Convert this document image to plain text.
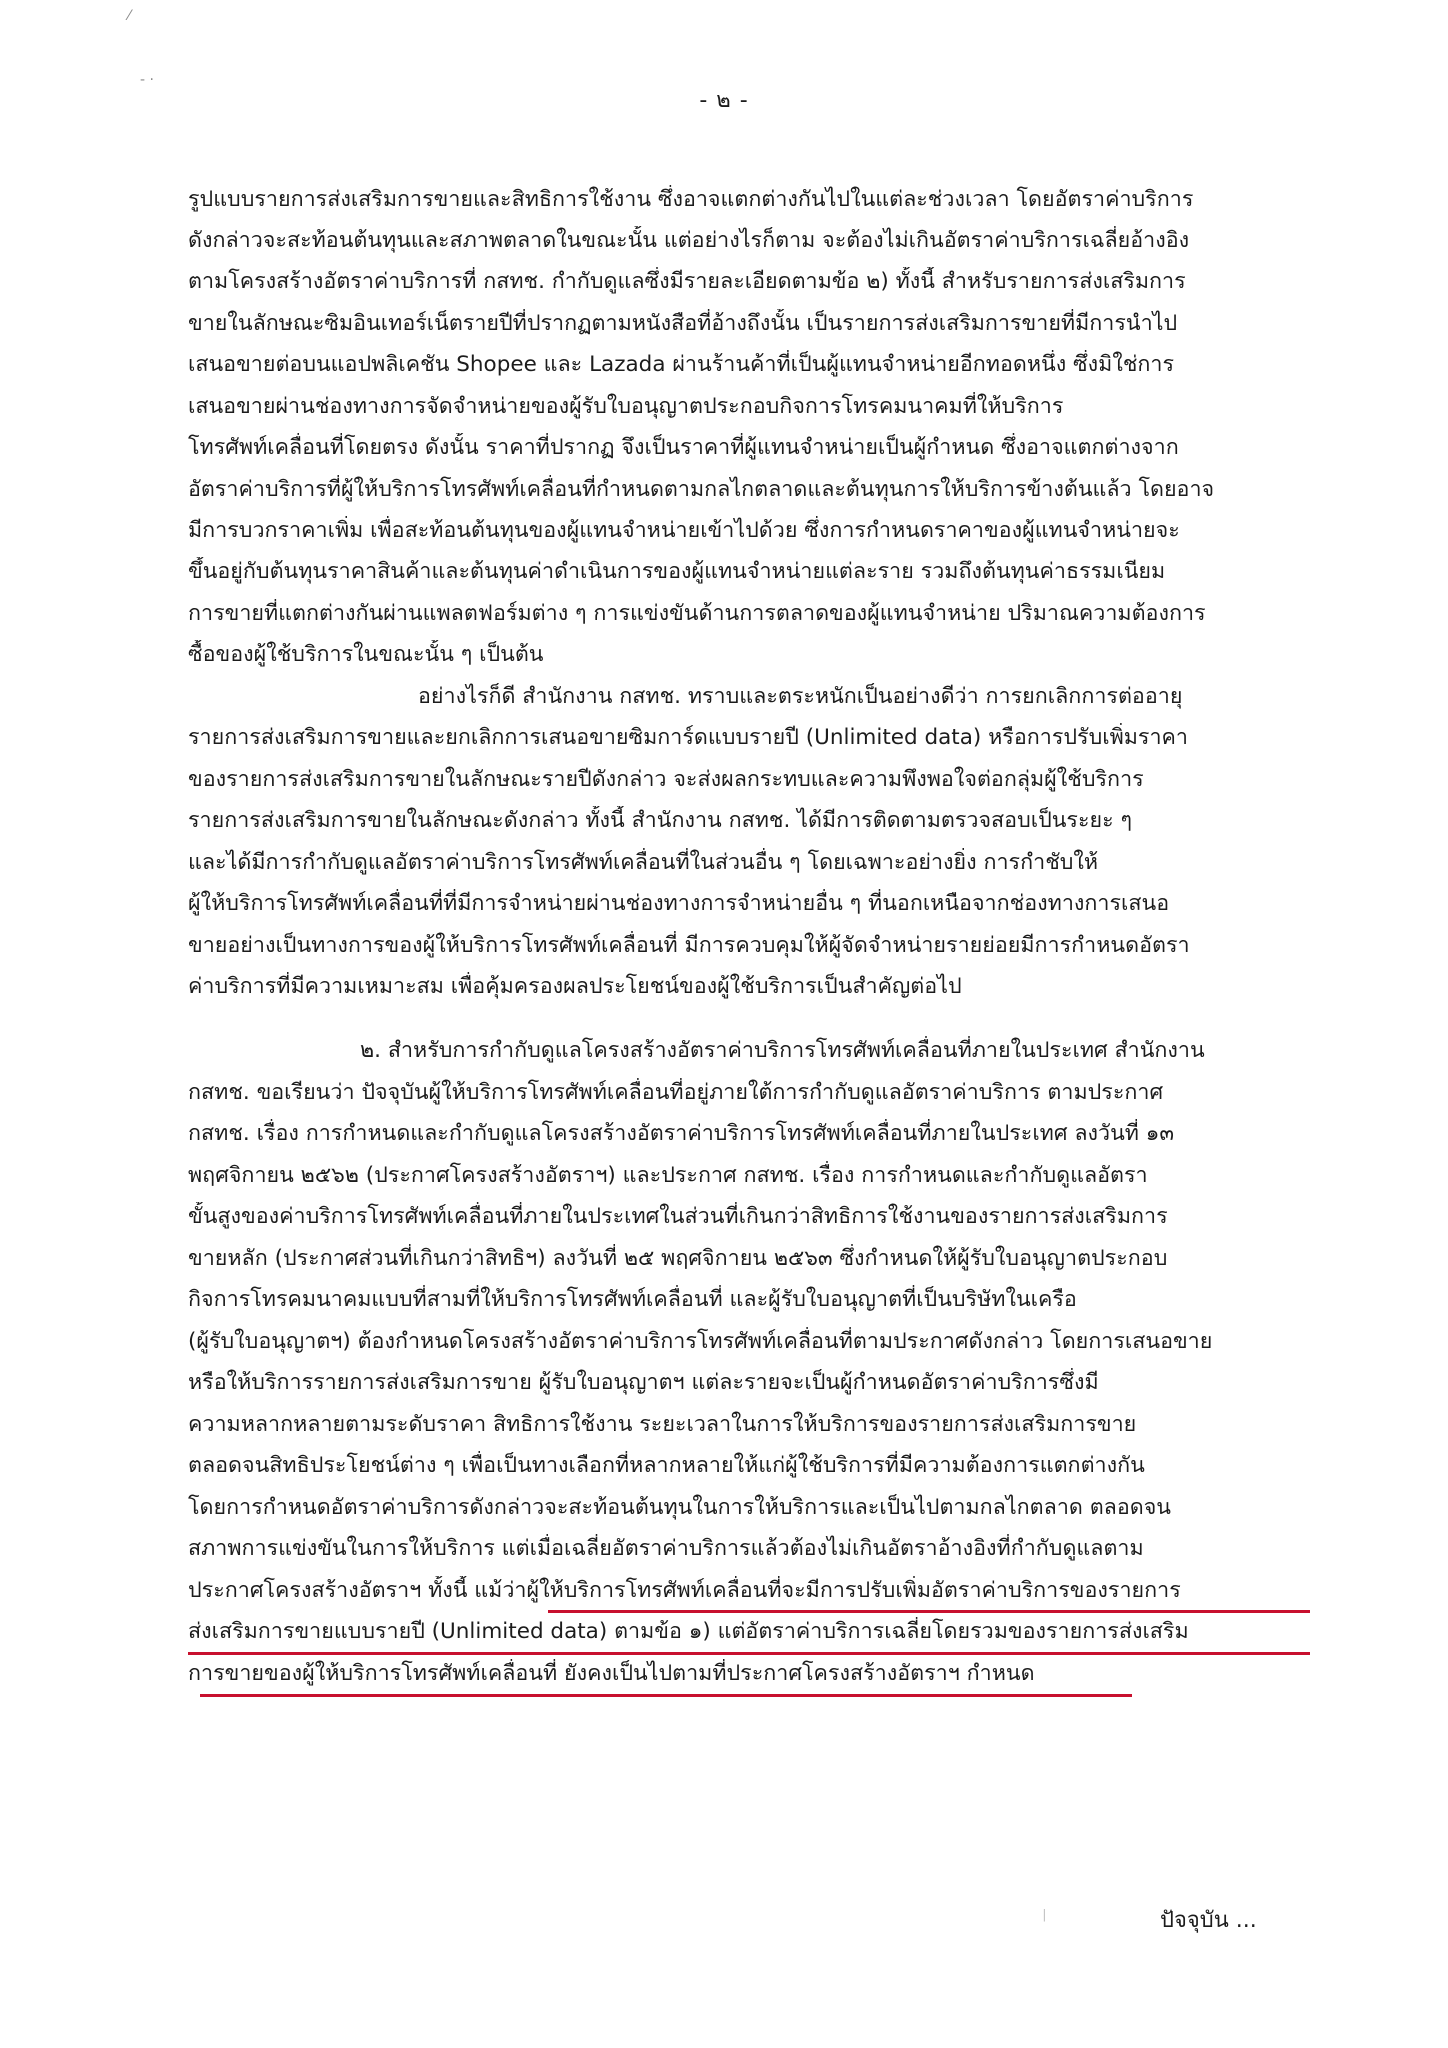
- ๒ -
รูปแบบรายการส่งเสริมการขายและสิทธิการใช้งาน ซึ่งอาจแตกต่างกันไปในแต่ละช่วงเวลา โดยอัตราค่าบริการ
ดังกล่าวจะสะท้อนต้นทุนและสภาพตลาดในขณะนั้น แต่อย่างไรก็ตาม จะต้องไม่เกินอัตราค่าบริการเฉลี่ยอ้างอิง
ตามโครงสร้างอัตราค่าบริการที่ กสทช. กำกับดูแลซึ่งมีรายละเอียดตามข้อ ๒) ทั้งนี้ สำหรับรายการส่งเสริมการ
ขายในลักษณะซิมอินเทอร์เน็ตรายปีที่ปรากฏตามหนังสือที่อ้างถึงนั้น เป็นรายการส่งเสริมการขายที่มีการนำไป
เสนอขายต่อบนแอปพลิเคชัน Shopee และ Lazada ผ่านร้านค้าที่เป็นผู้แทนจำหน่ายอีกทอดหนึ่ง ซึ่งมิใช่การ
เสนอขายผ่านช่องทางการจัดจำหน่ายของผู้รับใบอนุญาตประกอบกิจการโทรคมนาคมที่ให้บริการ
โทรศัพท์เคลื่อนที่โดยตรง ดังนั้น ราคาที่ปรากฏ จึงเป็นราคาที่ผู้แทนจำหน่ายเป็นผู้กำหนด ซึ่งอาจแตกต่างจาก
อัตราค่าบริการที่ผู้ให้บริการโทรศัพท์เคลื่อนที่กำหนดตามกลไกตลาดและต้นทุนการให้บริการข้างต้นแล้ว โดยอาจ
มีการบวกราคาเพิ่ม เพื่อสะท้อนต้นทุนของผู้แทนจำหน่ายเข้าไปด้วย ซึ่งการกำหนดราคาของผู้แทนจำหน่ายจะ
ขึ้นอยู่กับต้นทุนราคาสินค้าและต้นทุนค่าดำเนินการของผู้แทนจำหน่ายแต่ละราย รวมถึงต้นทุนค่าธรรมเนียม
การขายที่แตกต่างกันผ่านแพลตฟอร์มต่าง ๆ การแข่งขันด้านการตลาดของผู้แทนจำหน่าย ปริมาณความต้องการ
ซื้อของผู้ใช้บริการในขณะนั้น ๆ เป็นต้น
อย่างไรก็ดี สำนักงาน กสทช. ทราบและตระหนักเป็นอย่างดีว่า การยกเลิกการต่ออายุ
รายการส่งเสริมการขายและยกเลิกการเสนอขายซิมการ์ดแบบรายปี (Unlimited data) หรือการปรับเพิ่มราคา
ของรายการส่งเสริมการขายในลักษณะรายปีดังกล่าว จะส่งผลกระทบและความพึงพอใจต่อกลุ่มผู้ใช้บริการ
รายการส่งเสริมการขายในลักษณะดังกล่าว ทั้งนี้ สำนักงาน กสทช. ได้มีการติดตามตรวจสอบเป็นระยะ ๆ
และได้มีการกำกับดูแลอัตราค่าบริการโทรศัพท์เคลื่อนที่ในส่วนอื่น ๆ โดยเฉพาะอย่างยิ่ง การกำชับให้
ผู้ให้บริการโทรศัพท์เคลื่อนที่ที่มีการจำหน่ายผ่านช่องทางการจำหน่ายอื่น ๆ ที่นอกเหนือจากช่องทางการเสนอ
ขายอย่างเป็นทางการของผู้ให้บริการโทรศัพท์เคลื่อนที่ มีการควบคุมให้ผู้จัดจำหน่ายรายย่อยมีการกำหนดอัตรา
ค่าบริการที่มีความเหมาะสม เพื่อคุ้มครองผลประโยชน์ของผู้ใช้บริการเป็นสำคัญต่อไป
๒. สำหรับการกำกับดูแลโครงสร้างอัตราค่าบริการโทรศัพท์เคลื่อนที่ภายในประเทศ สำนักงาน
กสทช. ขอเรียนว่า ปัจจุบันผู้ให้บริการโทรศัพท์เคลื่อนที่อยู่ภายใต้การกำกับดูแลอัตราค่าบริการ ตามประกาศ
กสทช. เรื่อง การกำหนดและกำกับดูแลโครงสร้างอัตราค่าบริการโทรศัพท์เคลื่อนที่ภายในประเทศ ลงวันที่ ๑๓
พฤศจิกายน ๒๕๖๒ (ประกาศโครงสร้างอัตราฯ) และประกาศ กสทช. เรื่อง การกำหนดและกำกับดูแลอัตรา
ขั้นสูงของค่าบริการโทรศัพท์เคลื่อนที่ภายในประเทศในส่วนที่เกินกว่าสิทธิการใช้งานของรายการส่งเสริมการ
ขายหลัก (ประกาศส่วนที่เกินกว่าสิทธิฯ) ลงวันที่ ๒๕ พฤศจิกายน ๒๕๖๓ ซึ่งกำหนดให้ผู้รับใบอนุญาตประกอบ
กิจการโทรคมนาคมแบบที่สามที่ให้บริการโทรศัพท์เคลื่อนที่ และผู้รับใบอนุญาตที่เป็นบริษัทในเครือ
(ผู้รับใบอนุญาตฯ) ต้องกำหนดโครงสร้างอัตราค่าบริการโทรศัพท์เคลื่อนที่ตามประกาศดังกล่าว โดยการเสนอขาย
หรือให้บริการรายการส่งเสริมการขาย ผู้รับใบอนุญาตฯ แต่ละรายจะเป็นผู้กำหนดอัตราค่าบริการซึ่งมี
ความหลากหลายตามระดับราคา สิทธิการใช้งาน ระยะเวลาในการให้บริการของรายการส่งเสริมการขาย
ตลอดจนสิทธิประโยชน์ต่าง ๆ เพื่อเป็นทางเลือกที่หลากหลายให้แก่ผู้ใช้บริการที่มีความต้องการแตกต่างกัน
โดยการกำหนดอัตราค่าบริการดังกล่าวจะสะท้อนต้นทุนในการให้บริการและเป็นไปตามกลไกตลาด ตลอดจน
สภาพการแข่งขันในการให้บริการ แต่เมื่อเฉลี่ยอัตราค่าบริการแล้วต้องไม่เกินอัตราอ้างอิงที่กำกับดูแลตาม
ประกาศโครงสร้างอัตราฯ ทั้งนี้ แม้ว่าผู้ให้บริการโทรศัพท์เคลื่อนที่จะมีการปรับเพิ่มอัตราค่าบริการของรายการ
ส่งเสริมการขายแบบรายปี (Unlimited data) ตามข้อ ๑) แต่อัตราค่าบริการเฉลี่ยโดยรวมของรายการส่งเสริม
การขายของผู้ให้บริการโทรศัพท์เคลื่อนที่ ยังคงเป็นไปตามที่ประกาศโครงสร้างอัตราฯ กำหนด
ปัจจุบัน ...
⁄
‑ ·
ᛁ
